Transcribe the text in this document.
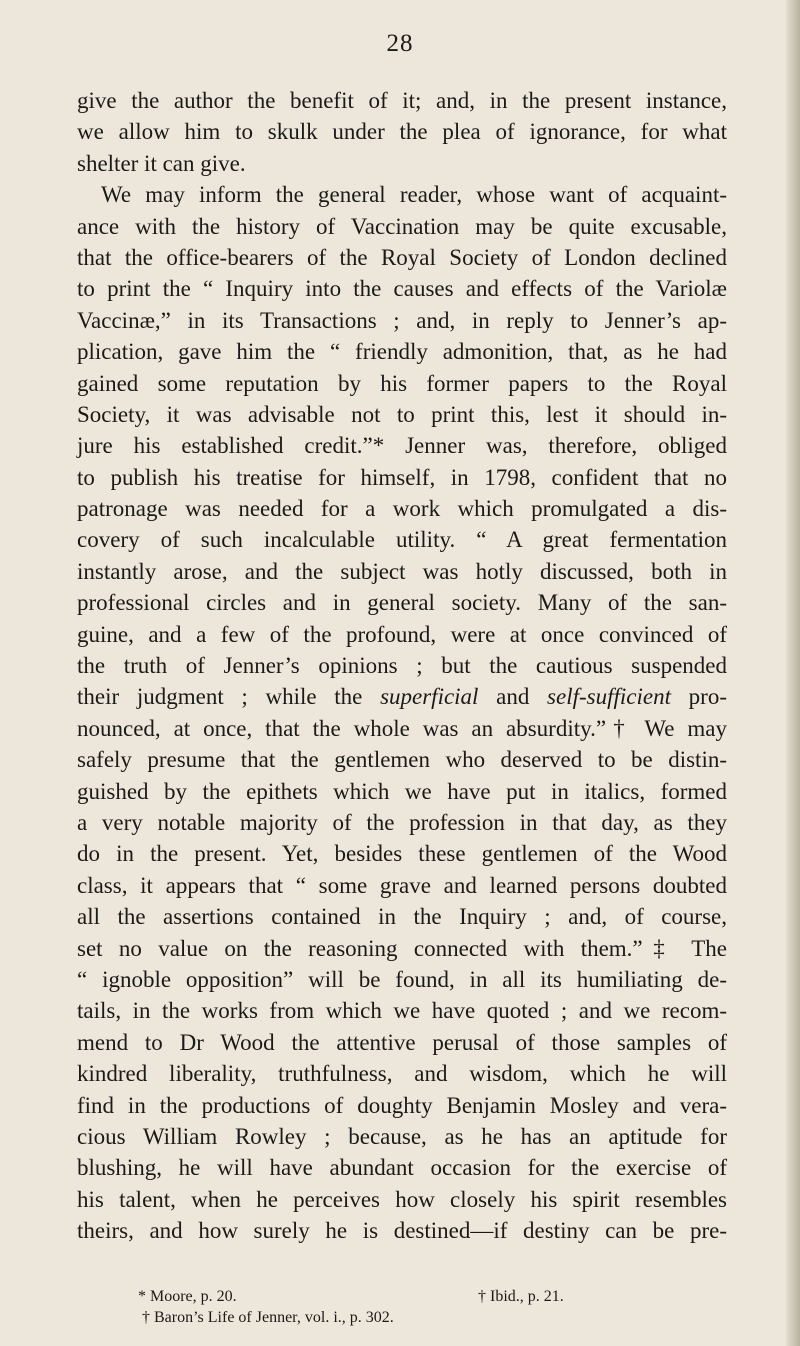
28
give the author the benefit of it; and, in the present instance,
we allow him to skulk under the plea of ignorance, for what
shelter it can give.
We may inform the general reader, whose want of acquaint-
ance with the history of Vaccination may be quite excusable,
that the office-bearers of the Royal Society of London declined
to print the “ Inquiry into the causes and effects of the Variolæ
Vaccinæ,” in its Transactions ; and, in reply to Jenner’s ap-
plication, gave him the “ friendly admonition, that, as he had
gained some reputation by his former papers to the Royal
Society, it was advisable not to print this, lest it should in-
jure his established credit.”* Jenner was, therefore, obliged
to publish his treatise for himself, in 1798, confident that no
patronage was needed for a work which promulgated a dis-
covery of such incalculable utility. “ A great fermentation
instantly arose, and the subject was hotly discussed, both in
professional circles and in general society. Many of the san-
guine, and a few of the profound, were at once convinced of
the truth of Jenner’s opinions ; but the cautious suspended
their judgment ; while the superficial and self-sufficient pro-
nounced, at once, that the whole was an absurdity.”† We may
safely presume that the gentlemen who deserved to be distin-
guished by the epithets which we have put in italics, formed
a very notable majority of the profession in that day, as they
do in the present. Yet, besides these gentlemen of the Wood
class, it appears that “ some grave and learned persons doubted
all the assertions contained in the Inquiry ; and, of course,
set no value on the reasoning connected with them.”‡ The
“ ignoble opposition” will be found, in all its humiliating de-
tails, in the works from which we have quoted ; and we recom-
mend to Dr Wood the attentive perusal of those samples of
kindred liberality, truthfulness, and wisdom, which he will
find in the productions of doughty Benjamin Mosley and vera-
cious William Rowley ; because, as he has an aptitude for
blushing, he will have abundant occasion for the exercise of
his talent, when he perceives how closely his spirit resembles
theirs, and how surely he is destined—if destiny can be pre-
* Moore, p. 20.	† Ibid., p. 21.
† Baron’s Life of Jenner, vol. i., p. 302.
